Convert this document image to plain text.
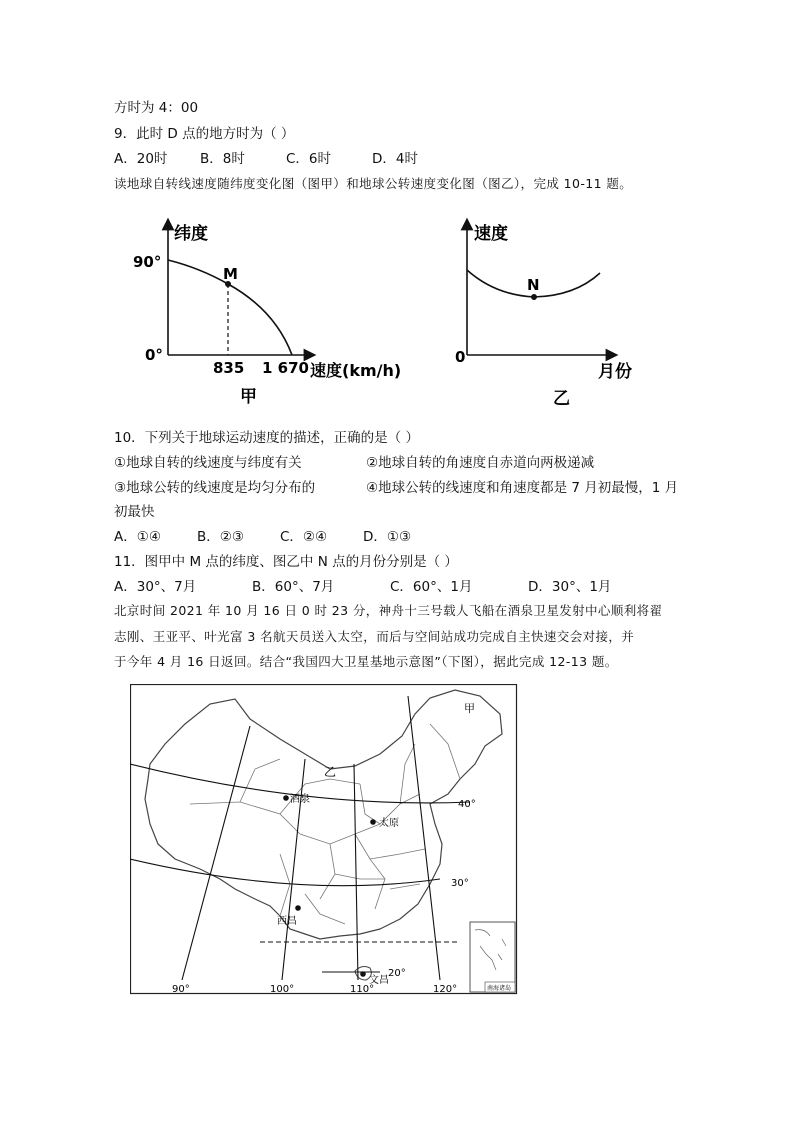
方时为 4：00
9．此时 D 点的地方时为（ ）
A．20时 B．8时	C．6时	D．4时
读地球自转线速度随纬度变化图（图甲）和地球公转速度变化图（图乙），完成 10-11 题。
纬度
90°
0°
M
835 1 670 速度(km/h)
甲
速度
0
N
月份
乙
10．下列关于地球运动速度的描述，正确的是（ ）
①地球自转的线速度与纬度有关	②地球自转的角速度自赤道向两极递减
③地球公转的线速度是均匀分布的	④地球公转的线速度和角速度都是 7 月初最慢，1 月
初最快
A．①④	B．②③	C．②④	D．①③
11．图甲中 M 点的纬度、图乙中 N 点的月份分别是（ ）
A．30°、7月	B．60°、7月	C．60°、1月	D．30°、1月
北京时间 2021 年 10 月 16 日 0 时 23 分，神舟十三号载人飞船在酒泉卫星发射中心顺利将翟
志刚、王亚平、叶光富 3 名航天员送入太空，而后与空间站成功完成自主快速交会对接，并
于今年 4 月 16 日返回。结合“我国四大卫星基地示意图”（下图），据此完成 12-13 题。
酒泉
太原
西昌
文昌
甲
乙
40°
30°
20°
90°	100°	110°	120°	南海诸岛
